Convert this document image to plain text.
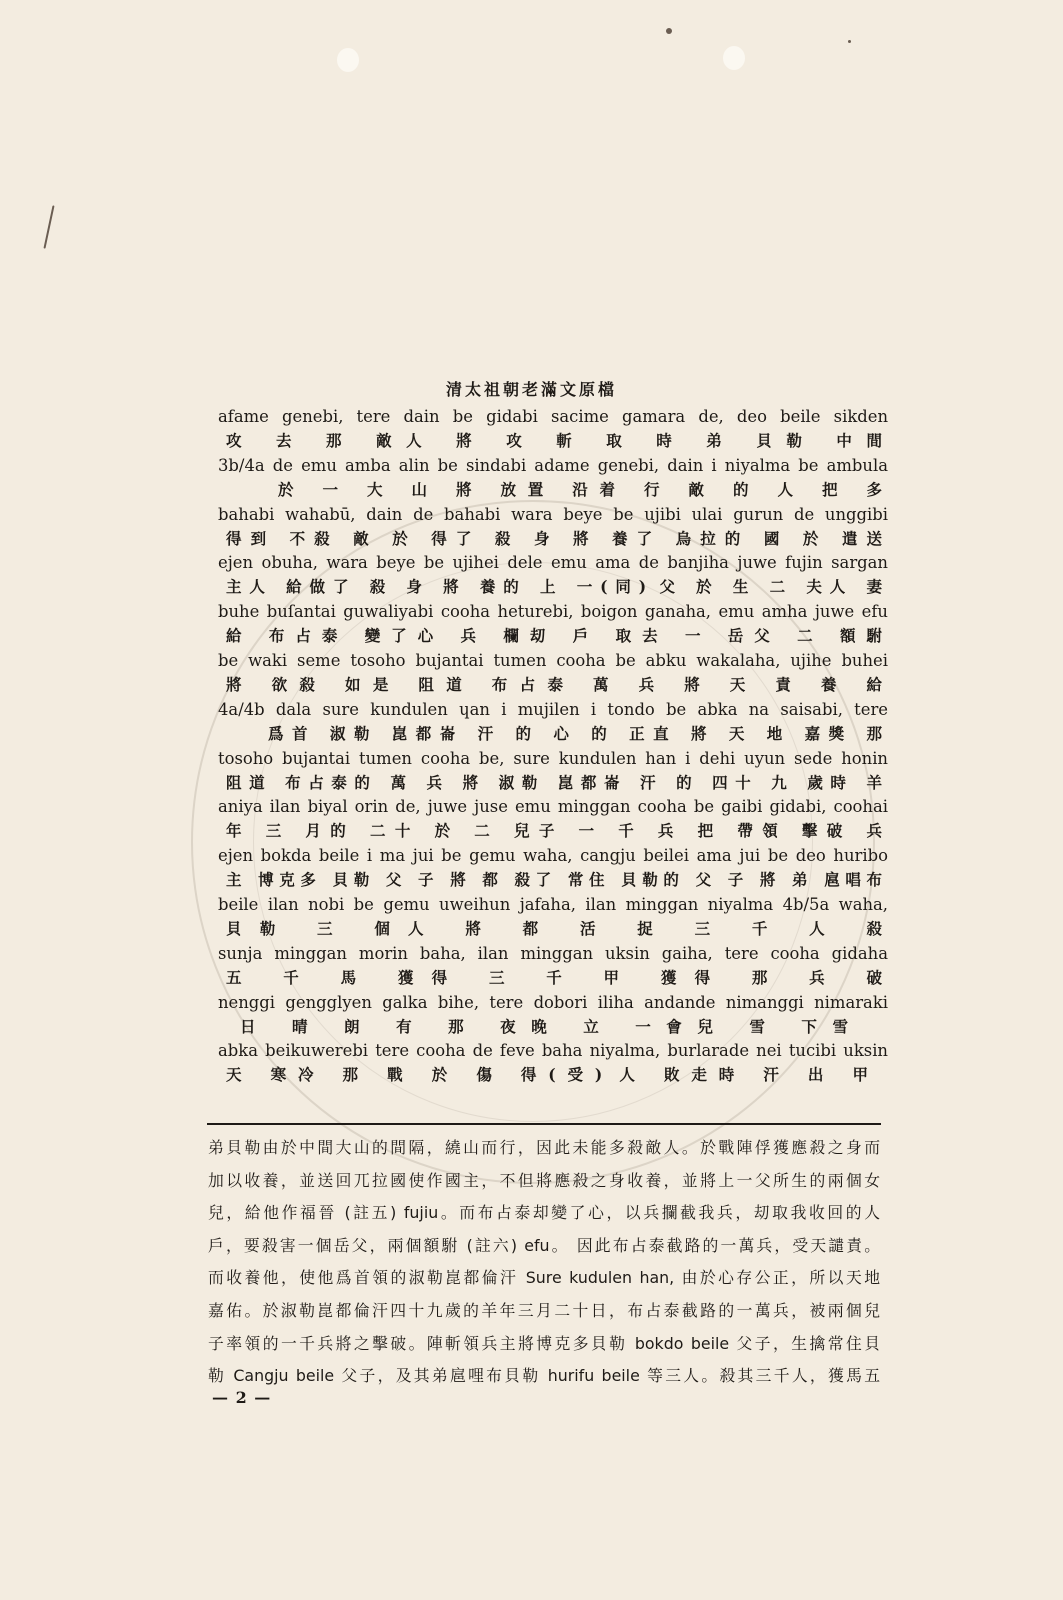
清太祖朝老滿文原檔
afame genebi, tere dain be gidabi sacime gamara de, deo beile sikden
攻 去 那 敵人 將 攻 斬 取 時 弟 貝勒 中間
3b/4a de emu amba alin be sindabi adame genebi, dain i niyalma be ambula
於 一 大 山 將 放置 沿着 行 敵 的 人 把 多
bahabi wahabū, dain de bahabi wara beye be ujibi ulai gurun de unggibi
得到 不殺 敵 於 得了 殺 身 將 養了 烏拉的 國 於 遣送
ejen obuha, wara beye be ujihei dele emu ama de banjiha juwe fujin sargan
主人 給做了 殺 身 將 養的 上 一(同) 父 於 生 二 夫人 妻
buhe buſantai guwaliyabi cooha heturebi, boigon ganaha, emu amha juwe efu
給 布占泰 變了心 兵 欄刧 戶 取去 一 岳父 二 額駙
be waki seme tosoho bujantai tumen cooha be abku wakalaha, ujihe buhei
將 欲殺 如是 阻道 布占泰 萬 兵 將 天 責 養 給
4a/4b dala sure kundulen ɥan i mujilen i tondo be abka na saisabi, tere
爲首 淑勒 崑都崙 汗 的 心 的 正直 將 天 地 嘉獎 那
tosoho bujantai tumen cooha be, sure kundulen han i dehi uyun sede honin
阻道 布占泰的 萬 兵 將 淑勒 崑都崙 汗 的 四十 九 歲時 羊
aniya ilan biyal orin de, juwe juse emu minggan cooha be gaibi gidabi, coohai
年 三 月的 二十 於 二 兒子 一 千 兵 把 帶領 擊破 兵
ejen bokda beile i ma jui be gemu waha, cangju beilei ama jui be deo huribo
主 博克多 貝勒 父 子 將 都 殺了 常住 貝勒的 父 子 將 弟 扈唱布
beile ilan nobi be gemu uweihun jafaha, ilan minggan niyalma 4b/5a waha,
貝勒 三 個人 將 都 活 捉 三 千 人 殺
sunja minggan morin baha, ilan minggan uksin gaiha, tere cooha gidaha
五 千 馬 獲得 三 千 甲 獲得 那 兵 破
nenggi gengglyen galka bihe, tere dobori iliha andande nimanggi nimaraki
日 晴 朗 有 那 夜晚 立 一會兒 雪 下雪
abka beikuwerebi tere cooha de feve baha niyalma, burlarade nei tucibi uksin
天 寒冷 那 戰 於 傷 得(受) 人 敗走時 汗 出 甲
弟貝勒由於中間大山的間隔，繞山而行，因此未能多殺敵人。於戰陣俘獲應殺之身而
加以收養，並送回兀拉國使作國主，不但將應殺之身收養，並將上一父所生的兩個女
兒，給他作福晉 (註五) fujiu。而布占泰却變了心，以兵攔截我兵，刧取我收回的人
戶，要殺害一個岳父，兩個額駙 (註六) efu。 因此布占泰截路的一萬兵，受天譴責。
而收養他，使他爲首領的淑勒崑都倫汗 Sure kudulen han, 由於心存公正，所以天地
嘉佑。於淑勒崑都倫汗四十九歲的羊年三月二十日，布占泰截路的一萬兵，被兩個兒
子率領的一千兵將之擊破。陣斬領兵主將博克多貝勒 bokdo beile 父子，生擒常住貝
勒 Cangju beile 父子，及其弟扈哩布貝勒 hurifu beile 等三人。殺其三千人，獲馬五
— 2 —
